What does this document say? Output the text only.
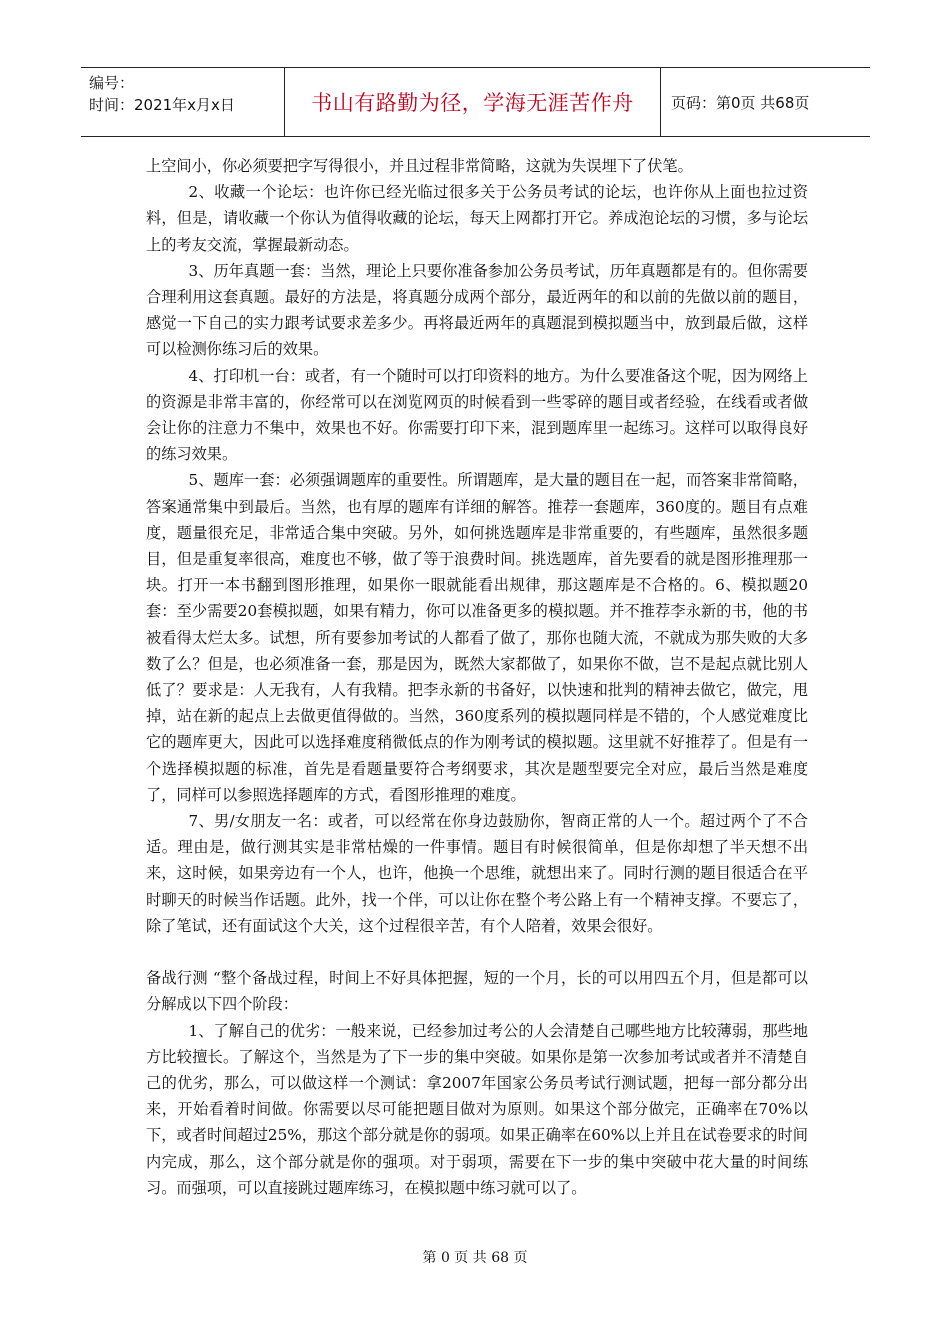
编号：
时间：2021年x月x日	书山有路勤为径，学海无涯苦作舟	页码：第0页 共68页

上空间小，你必须要把字写得很小，并且过程非常简略，这就为失误埋下了伏笔。

2、收藏一个论坛：也许你已经光临过很多关于公务员考试的论坛，也许你从上面也拉过资料，但是，请收藏一个你认为值得收藏的论坛，每天上网都打开它。养成泡论坛的习惯，多与论坛上的考友交流，掌握最新动态。

3、历年真题一套：当然，理论上只要你准备参加公务员考试，历年真题都是有的。但你需要合理利用这套真题。最好的方法是，将真题分成两个部分，最近两年的和以前的先做以前的题目，感觉一下自己的实力跟考试要求差多少。再将最近两年的真题混到模拟题当中，放到最后做，这样可以检测你练习后的效果。

4、打印机一台：或者，有一个随时可以打印资料的地方。为什么要准备这个呢，因为网络上的资源是非常丰富的，你经常可以在浏览网页的时候看到一些零碎的题目或者经验，在线看或者做会让你的注意力不集中，效果也不好。你需要打印下来，混到题库里一起练习。这样可以取得良好的练习效果。

5、题库一套：必须强调题库的重要性。所谓题库，是大量的题目在一起，而答案非常简略，答案通常集中到最后。当然，也有厚的题库有详细的解答。推荐一套题库，360度的。题目有点难度，题量很充足，非常适合集中突破。另外，如何挑选题库是非常重要的，有些题库，虽然很多题目，但是重复率很高，难度也不够，做了等于浪费时间。挑选题库，首先要看的就是图形推理那一块。打开一本书翻到图形推理，如果你一眼就能看出规律，那这题库是不合格的。6、模拟题20套：至少需要20套模拟题，如果有精力，你可以准备更多的模拟题。并不推荐李永新的书，他的书被看得太烂太多。试想，所有要参加考试的人都看了做了，那你也随大流，不就成为那失败的大多数了么？但是，也必须准备一套，那是因为，既然大家都做了，如果你不做，岂不是起点就比别人低了？要求是：人无我有，人有我精。把李永新的书备好，以快速和批判的精神去做它，做完，甩掉，站在新的起点上去做更值得做的。当然，360度系列的模拟题同样是不错的，个人感觉难度比它的题库更大，因此可以选择难度稍微低点的作为刚考试的模拟题。这里就不好推荐了。但是有一个选择模拟题的标准，首先是看题量要符合考纲要求，其次是题型要完全对应，最后当然是难度了，同样可以参照选择题库的方式，看图形推理的难度。

7、男/女朋友一名：或者，可以经常在你身边鼓励你，智商正常的人一个。超过两个了不合适。理由是，做行测其实是非常枯燥的一件事情。题目有时候很简单，但是你却想了半天想不出来，这时候，如果旁边有一个人，也许，他换一个思维，就想出来了。同时行测的题目很适合在平时聊天的时候当作话题。此外，找一个伴，可以让你在整个考公路上有一个精神支撑。不要忘了，除了笔试，还有面试这个大关，这个过程很辛苦，有个人陪着，效果会很好。

备战行测 “整个备战过程，时间上不好具体把握，短的一个月，长的可以用四五个月，但是都可以分解成以下四个阶段：

1、了解自己的优劣：一般来说，已经参加过考公的人会清楚自己哪些地方比较薄弱，那些地方比较擅长。了解这个，当然是为了下一步的集中突破。如果你是第一次参加考试或者并不清楚自己的优劣，那么，可以做这样一个测试：拿2007年国家公务员考试行测试题，把每一部分都分出来，开始看着时间做。你需要以尽可能把题目做对为原则。如果这个部分做完，正确率在70%以下，或者时间超过25%，那这个部分就是你的弱项。如果正确率在60%以上并且在试卷要求的时间内完成，那么，这个部分就是你的强项。对于弱项，需要在下一步的集中突破中花大量的时间练习。而强项，可以直接跳过题库练习，在模拟题中练习就可以了。

第 0 页 共 68 页
